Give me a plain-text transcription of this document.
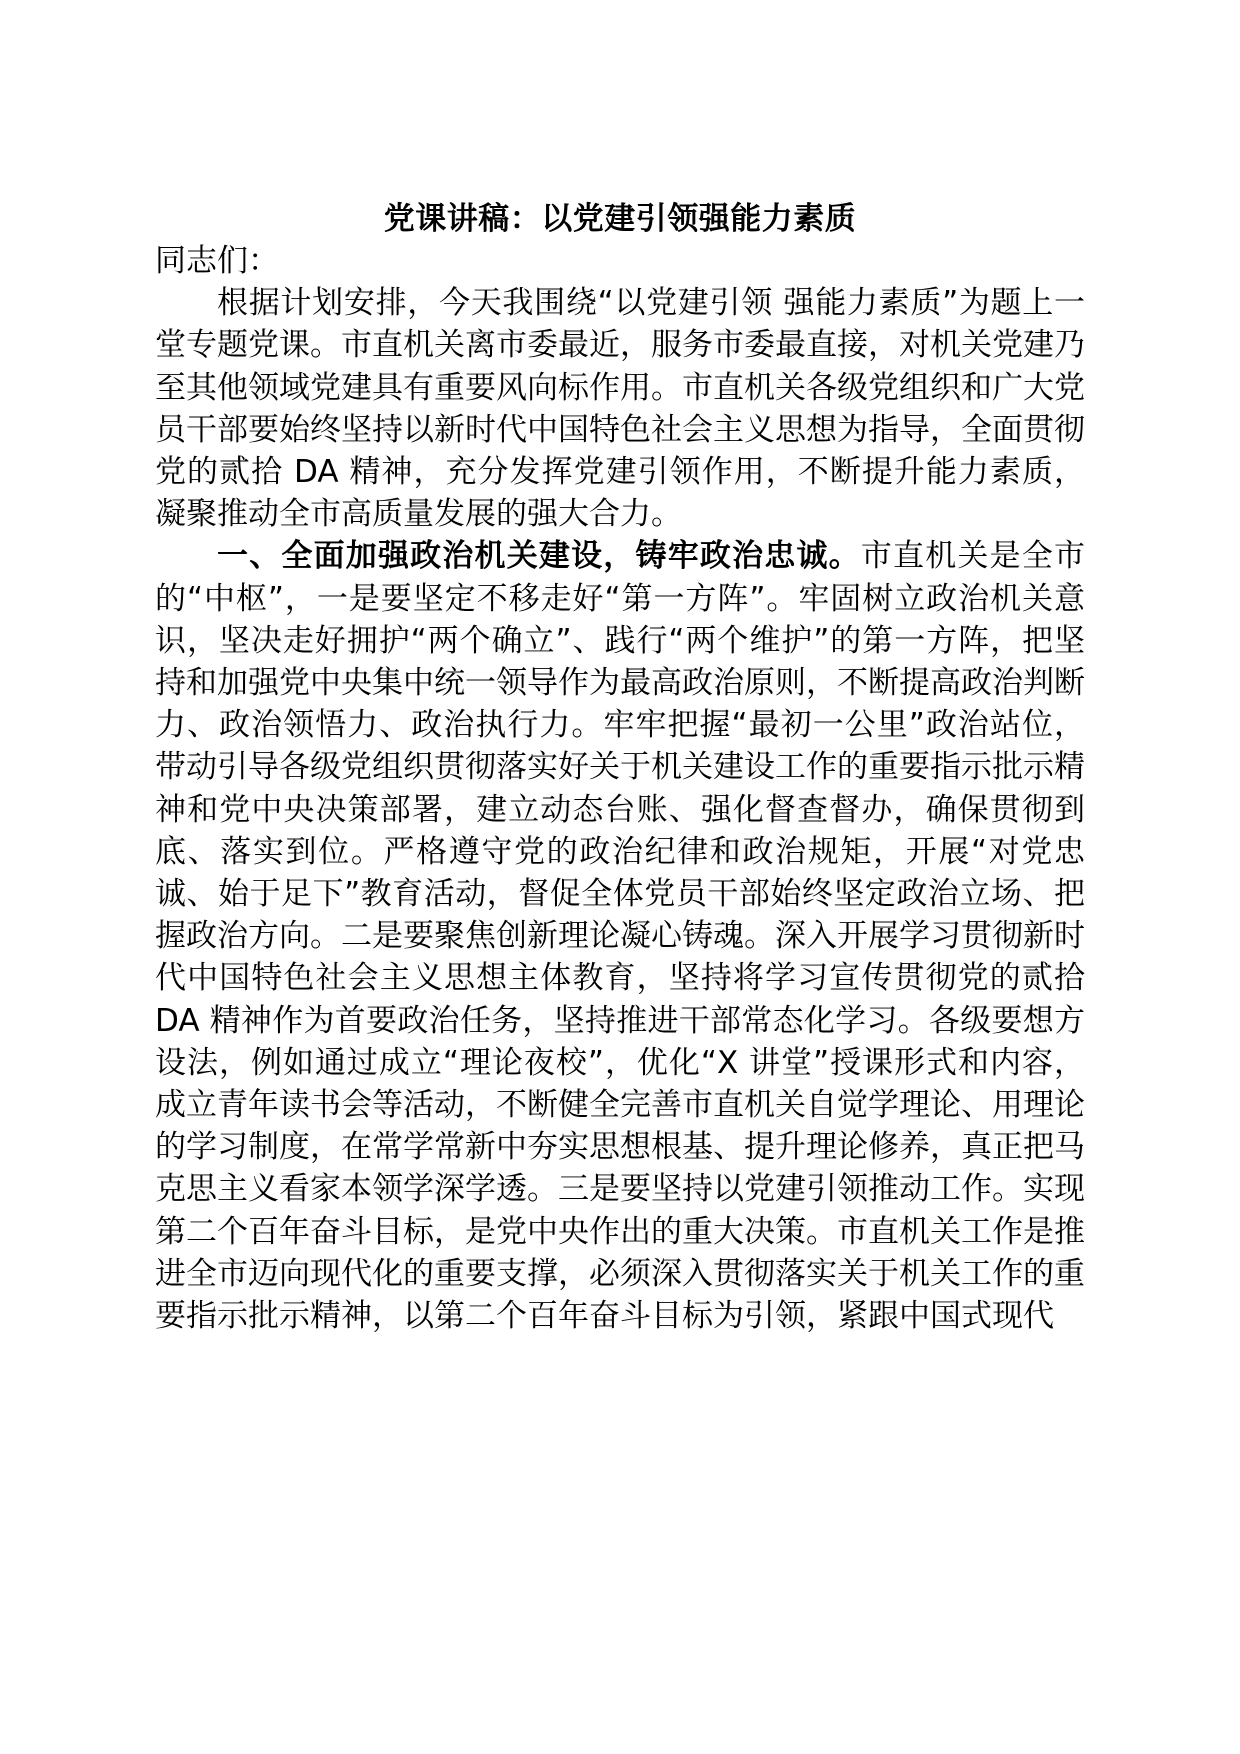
党课讲稿：以党建引领强能力素质

同志们：

根据计划安排，今天我围绕“以党建引领 强能力素质”为题上一堂专题党课。市直机关离市委最近，服务市委最直接，对机关党建乃至其他领域党建具有重要风向标作用。市直机关各级党组织和广大党员干部要始终坚持以新时代中国特色社会主义思想为指导，全面贯彻党的贰拾 DA 精神，充分发挥党建引领作用，不断提升能力素质，凝聚推动全市高质量发展的强大合力。

一、全面加强政治机关建设，铸牢政治忠诚。市直机关是全市的“中枢”，一是要坚定不移走好“第一方阵”。牢固树立政治机关意识，坚决走好拥护“两个确立”、践行“两个维护”的第一方阵，把坚持和加强党中央集中统一领导作为最高政治原则，不断提高政治判断力、政治领悟力、政治执行力。牢牢把握“最初一公里”政治站位，带动引导各级党组织贯彻落实好关于机关建设工作的重要指示批示精神和党中央决策部署，建立动态台账、强化督查督办，确保贯彻到底、落实到位。严格遵守党的政治纪律和政治规矩，开展“对党忠诚、始于足下”教育活动，督促全体党员干部始终坚定政治立场、把握政治方向。二是要聚焦创新理论凝心铸魂。深入开展学习贯彻新时代中国特色社会主义思想主体教育，坚持将学习宣传贯彻党的贰拾 DA 精神作为首要政治任务，坚持推进干部常态化学习。各级要想方设法，例如通过成立“理论夜校”，优化“X 讲堂”授课形式和内容，成立青年读书会等活动，不断健全完善市直机关自觉学理论、用理论的学习制度，在常学常新中夯实思想根基、提升理论修养，真正把马克思主义看家本领学深学透。三是要坚持以党建引领推动工作。实现第二个百年奋斗目标，是党中央作出的重大决策。市直机关工作是推进全市迈向现代化的重要支撑，必须深入贯彻落实关于机关工作的重要指示批示精神，以第二个百年奋斗目标为引领，紧跟中国式现代
